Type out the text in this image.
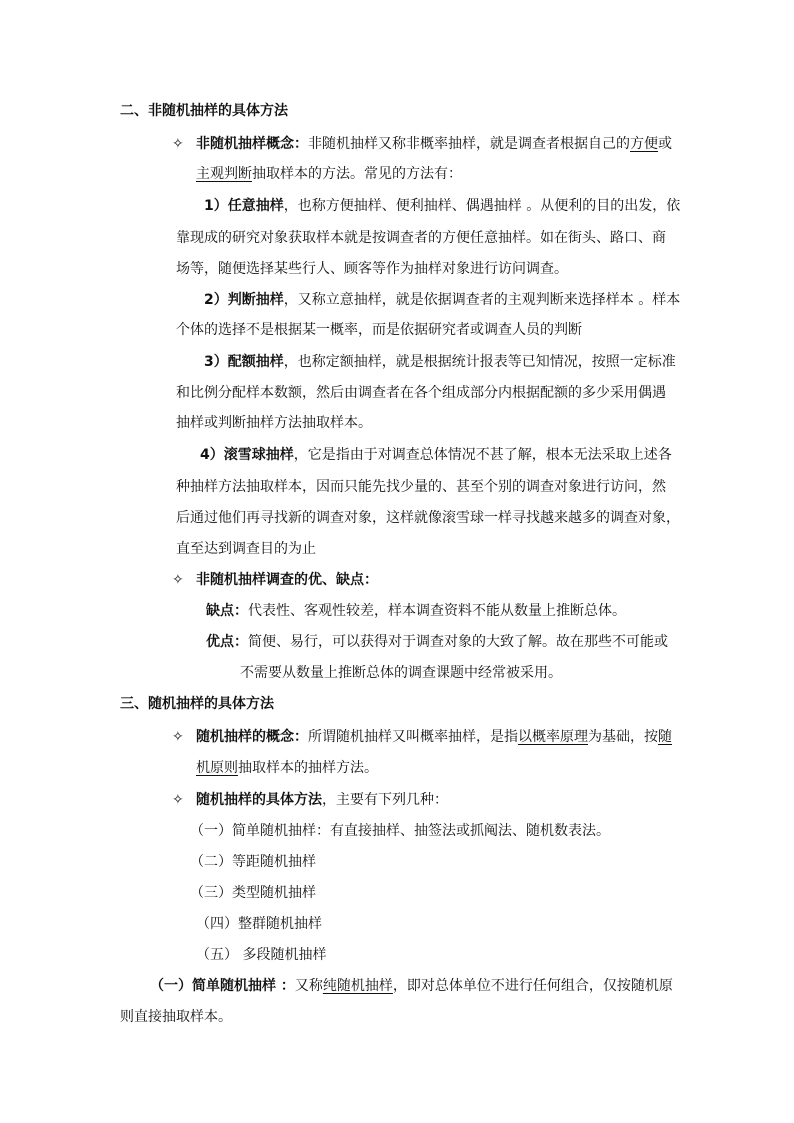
二、非随机抽样的具体方法
✧ 非随机抽样概念：非随机抽样又称非概率抽样，就是调查者根据自己的方便或
主观判断抽取样本的方法。常见的方法有：
1）任意抽样，也称方便抽样、便利抽样、偶遇抽样 。从便利的目的出发，依
靠现成的研究对象获取样本就是按调查者的方便任意抽样。如在街头、路口、商
场等，随便选择某些行人、顾客等作为抽样对象进行访问调查。
2）判断抽样，又称立意抽样，就是依据调查者的主观判断来选择样本 。样本
个体的选择不是根据某一概率，而是依据研究者或调查人员的判断
3）配额抽样，也称定额抽样，就是根据统计报表等已知情况，按照一定标准
和比例分配样本数额，然后由调查者在各个组成部分内根据配额的多少采用偶遇
抽样或判断抽样方法抽取样本。
4）滚雪球抽样，它是指由于对调查总体情况不甚了解，根本无法采取上述各
种抽样方法抽取样本，因而只能先找少量的、甚至个别的调查对象进行访问，然
后通过他们再寻找新的调查对象，这样就像滚雪球一样寻找越来越多的调查对象，
直至达到调查目的为止
✧ 非随机抽样调查的优、缺点：
缺点：代表性、客观性较差，样本调查资料不能从数量上推断总体。
优点：简便、易行，可以获得对于调查对象的大致了解。故在那些不可能或
不需要从数量上推断总体的调查课题中经常被采用。
三、随机抽样的具体方法
✧ 随机抽样的概念：所谓随机抽样又叫概率抽样，是指以概率原理为基础，按随
机原则抽取样本的抽样方法。
✧ 随机抽样的具体方法，主要有下列几种：
（一）简单随机抽样：有直接抽样、抽签法或抓阄法、随机数表法。
（二）等距随机抽样
（三）类型随机抽样
（四）整群随机抽样
（五） 多段随机抽样
（一）简单随机抽样 ：又称纯随机抽样，即对总体单位不进行任何组合，仅按随机原
则直接抽取样本。
